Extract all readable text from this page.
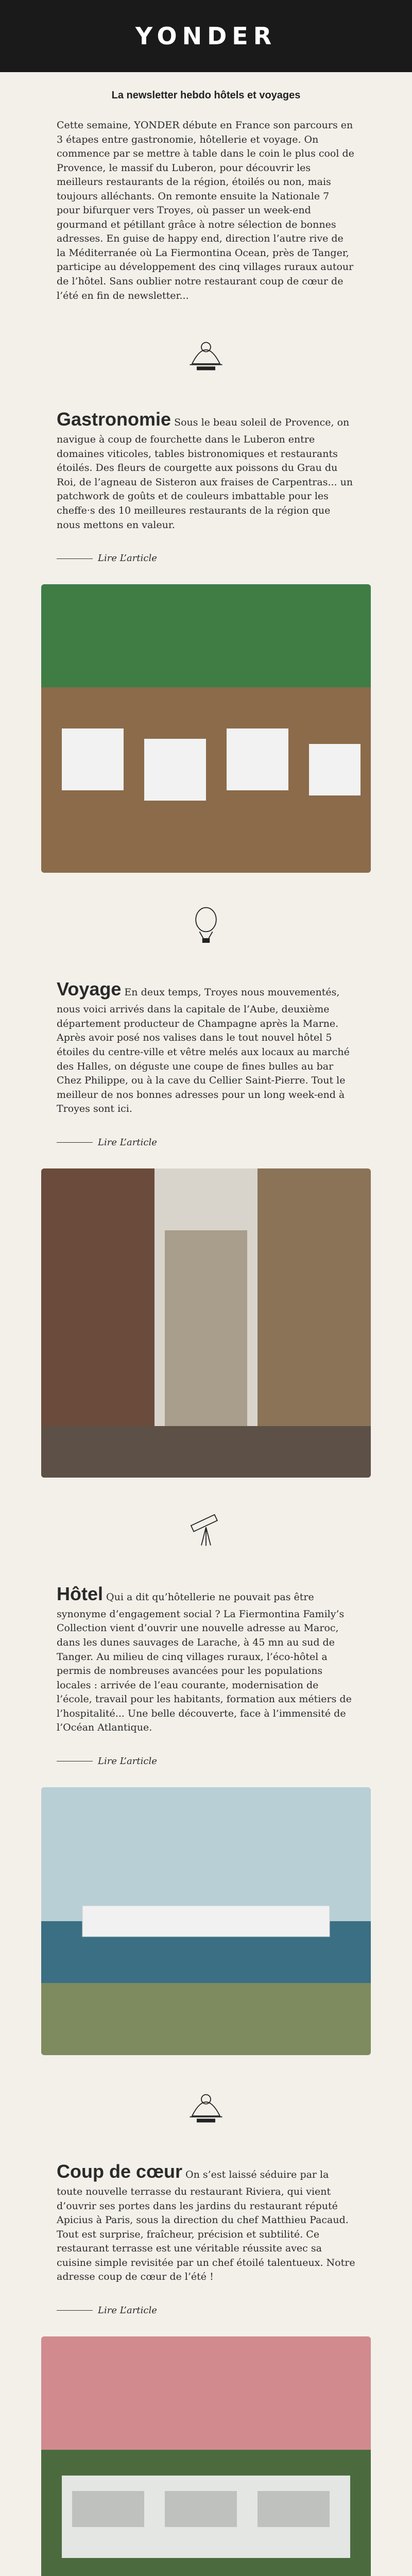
YONDER
La newsletter hebdo hôtels et voyages

Cette semaine, YONDER débute en France son parcours en 3 étapes entre gastronomie, hôtellerie et voyage. On commence par se mettre à table dans le coin le plus cool de Provence, le massif du Luberon, pour découvrir les meilleurs restaurants de la région, étoilés ou non, mais toujours alléchants. On remonte ensuite la Nationale 7 pour bifurquer vers Troyes, où passer un week-end gourmand et pétillant grâce à notre sélection de bonnes adresses. En guise de happy end, direction l’autre rive de la Méditerranée où La Fiermontina Ocean, près de Tanger, participe au développement des cinq villages ruraux autour de l’hôtel. Sans oublier notre restaurant coup de cœur de l’été en fin de newsletter...

Gastronomie Sous le beau soleil de Provence, on navigue à coup de fourchette dans le Luberon entre domaines viticoles, tables bistronomiques et restaurants étoilés. Des fleurs de courgette aux poissons du Grau du Roi, de l’agneau de Sisteron aux fraises de Carpentras... un patchwork de goûts et de couleurs imbattable pour les cheffe·s des 10 meilleures restaurants de la région que nous mettons en valeur.

Lire L’article

Voyage En deux temps, Troyes nous mouvementés, nous voici arrivés dans la capitale de l’Aube, deuxième département producteur de Champagne après la Marne. Après avoir posé nos valises dans le tout nouvel hôtel 5 étoiles du centre-ville et vêtre melés aux locaux au marché des Halles, on déguste une coupe de fines bulles au bar Chez Philippe, ou à la cave du Cellier Saint-Pierre. Tout le meilleur de nos bonnes adresses pour un long week-end à Troyes sont ici.

Lire L’article

Hôtel Qui a dit qu’hôtellerie ne pouvait pas être synonyme d’engagement social ? La Fiermontina Family’s Collection vient d’ouvrir une nouvelle adresse au Maroc, dans les dunes sauvages de Larache, à 45 mn au sud de Tanger. Au milieu de cinq villages ruraux, l’éco-hôtel a permis de nombreuses avancées pour les populations locales : arrivée de l’eau courante, modernisation de l’école, travail pour les habitants, formation aux métiers de l’hospitalité... Une belle découverte, face à l’immensité de l’Océan Atlantique.

Lire L’article

Coup de cœur On s’est laissé séduire par la toute nouvelle terrasse du restaurant Riviera, qui vient d’ouvrir ses portes dans les jardins du restaurant réputé Apicius à Paris, sous la direction du chef Matthieu Pacaud. Tout est surprise, fraîcheur, précision et subtilité. Ce restaurant terrasse est une véritable réussite avec sa cuisine simple revisitée par un chef étoilé talentueux. Notre adresse coup de cœur de l’été !

Lire L’article
